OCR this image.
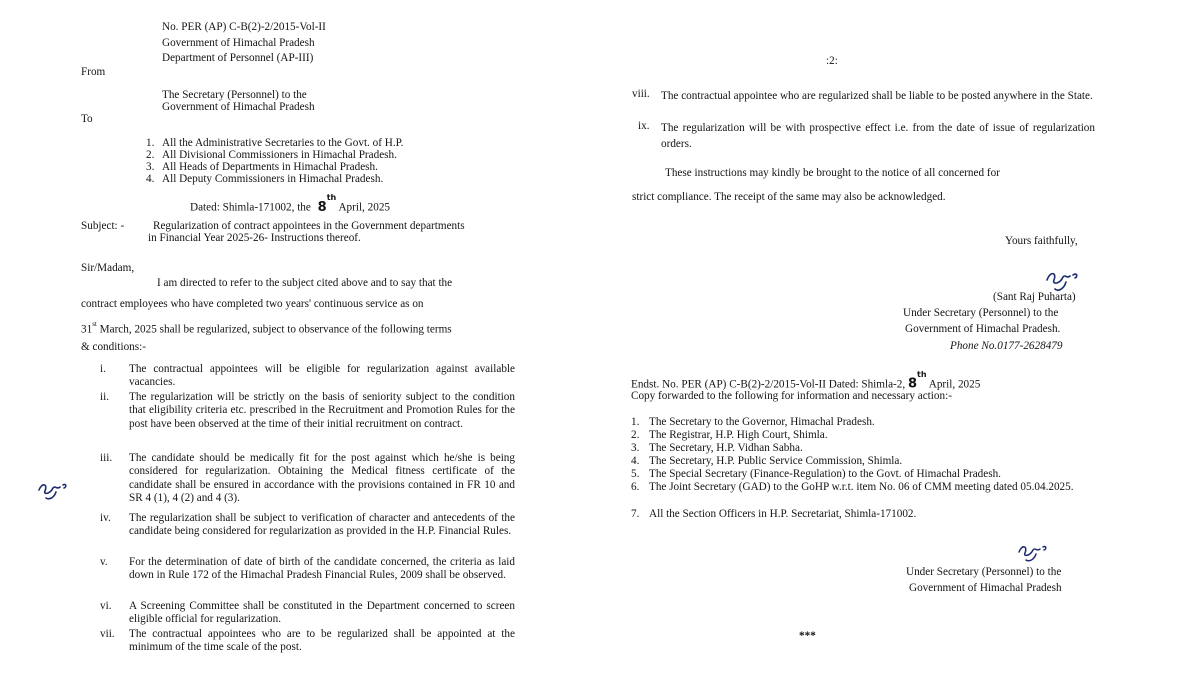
No. PER (AP) C-B(2)-2/2015-Vol-II
Government of Himachal Pradesh
Department of Personnel (AP-III)
From
The Secretary (Personnel) to the
Government of Himachal Pradesh
To
1. All the Administrative Secretaries to the Govt. of H.P.
2. All Divisional Commissioners in Himachal Pradesh.
3. All Heads of Departments in Himachal Pradesh.
4. All Deputy Commissioners in Himachal Pradesh.
Dated: Shimla-171002, the 8th April, 2025
Subject: -	Regularization of contract appointees in the Government departments
in Financial Year 2025-26- Instructions thereof.
Sir/Madam,
I am directed to refer to the subject cited above and to say that the
contract employees who have completed two years' continuous service as on
31st March, 2025 shall be regularized, subject to observance of the following terms
& conditions:-
i. The contractual appointees will be eligible for regularization against available vacancies.
ii. The regularization will be strictly on the basis of seniority subject to the condition that eligibility criteria etc. prescribed in the Recruitment and Promotion Rules for the post have been observed at the time of their initial recruitment on contract.
iii. The candidate should be medically fit for the post against which he/she is being considered for regularization. Obtaining the Medical fitness certificate of the candidate shall be ensured in accordance with the provisions contained in FR 10 and SR 4 (1), 4 (2) and 4 (3).
iv. The regularization shall be subject to verification of character and antecedents of the candidate being considered for regularization as provided in the H.P. Financial Rules.
v. For the determination of date of birth of the candidate concerned, the criteria as laid down in Rule 172 of the Himachal Pradesh Financial Rules, 2009 shall be observed.
vi. A Screening Committee shall be constituted in the Department concerned to screen eligible official for regularization.
vii. The contractual appointees who are to be regularized shall be appointed at the minimum of the time scale of the post.
:2:
viii. The contractual appointee who are regularized shall be liable to be posted anywhere in the State.
ix. The regularization will be with prospective effect i.e. from the date of issue of regularization orders.
These instructions may kindly be brought to the notice of all concerned for
strict compliance. The receipt of the same may also be acknowledged.
Yours faithfully,
(Sant Raj Puharta)
Under Secretary (Personnel) to the
Government of Himachal Pradesh.
Phone No.0177-2628479
Endst. No. PER (AP) C-B(2)-2/2015-Vol-II Dated: Shimla-2, 8th April, 2025
Copy forwarded to the following for information and necessary action:-
1. The Secretary to the Governor, Himachal Pradesh.
2. The Registrar, H.P. High Court, Shimla.
3. The Secretary, H.P. Vidhan Sabha.
4. The Secretary, H.P. Public Service Commission, Shimla.
5. The Special Secretary (Finance-Regulation) to the Govt. of Himachal Pradesh.
6. The Joint Secretary (GAD) to the GoHP w.r.t. item No. 06 of CMM meeting dated 05.04.2025.
7. All the Section Officers in H.P. Secretariat, Shimla-171002.
Under Secretary (Personnel) to the
Government of Himachal Pradesh
***
